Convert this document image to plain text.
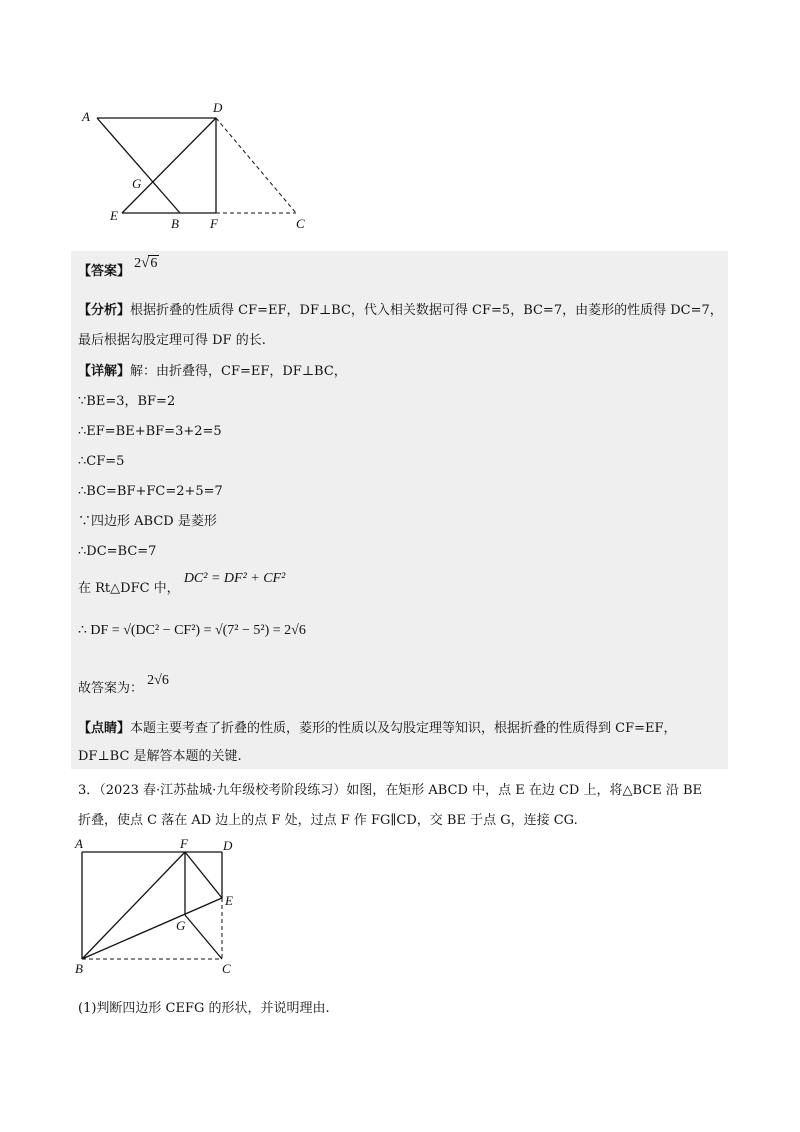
A
D
G
E
B F	C
【答案】 2√6
【分析】根据折叠的性质得 CF=EF，DF⊥BC，代入相关数据可得 CF=5，BC=7，由菱形的性质得 DC=7，
最后根据勾股定理可得 DF 的长.
【详解】解：由折叠得，CF=EF，DF⊥BC，
∵BE=3，BF=2
∴EF=BE+BF=3+2=5
∴CF=5
∴BC=BF+FC=2+5=7
∵四边形 ABCD 是菱形
∴DC=BC=7
在 Rt△DFC 中， DC² = DF² + CF²
∴ DF = √(DC² − CF²) = √(7² − 5²) = 2√6
故答案为： 2√6
【点睛】本题主要考查了折叠的性质，菱形的性质以及勾股定理等知识，根据折叠的性质得到 CF=EF，
DF⊥BC 是解答本题的关键.
3．（2023 春·江苏盐城·九年级校考阶段练习）如图，在矩形 ABCD 中，点 E 在边 CD 上，将△BCE 沿 BE
折叠，使点 C 落在 AD 边上的点 F 处，过点 F 作 FG∥CD，交 BE 于点 G，连接 CG.
A	F	D
E
G
B	C
(1)判断四边形 CEFG 的形状，并说明理由.
